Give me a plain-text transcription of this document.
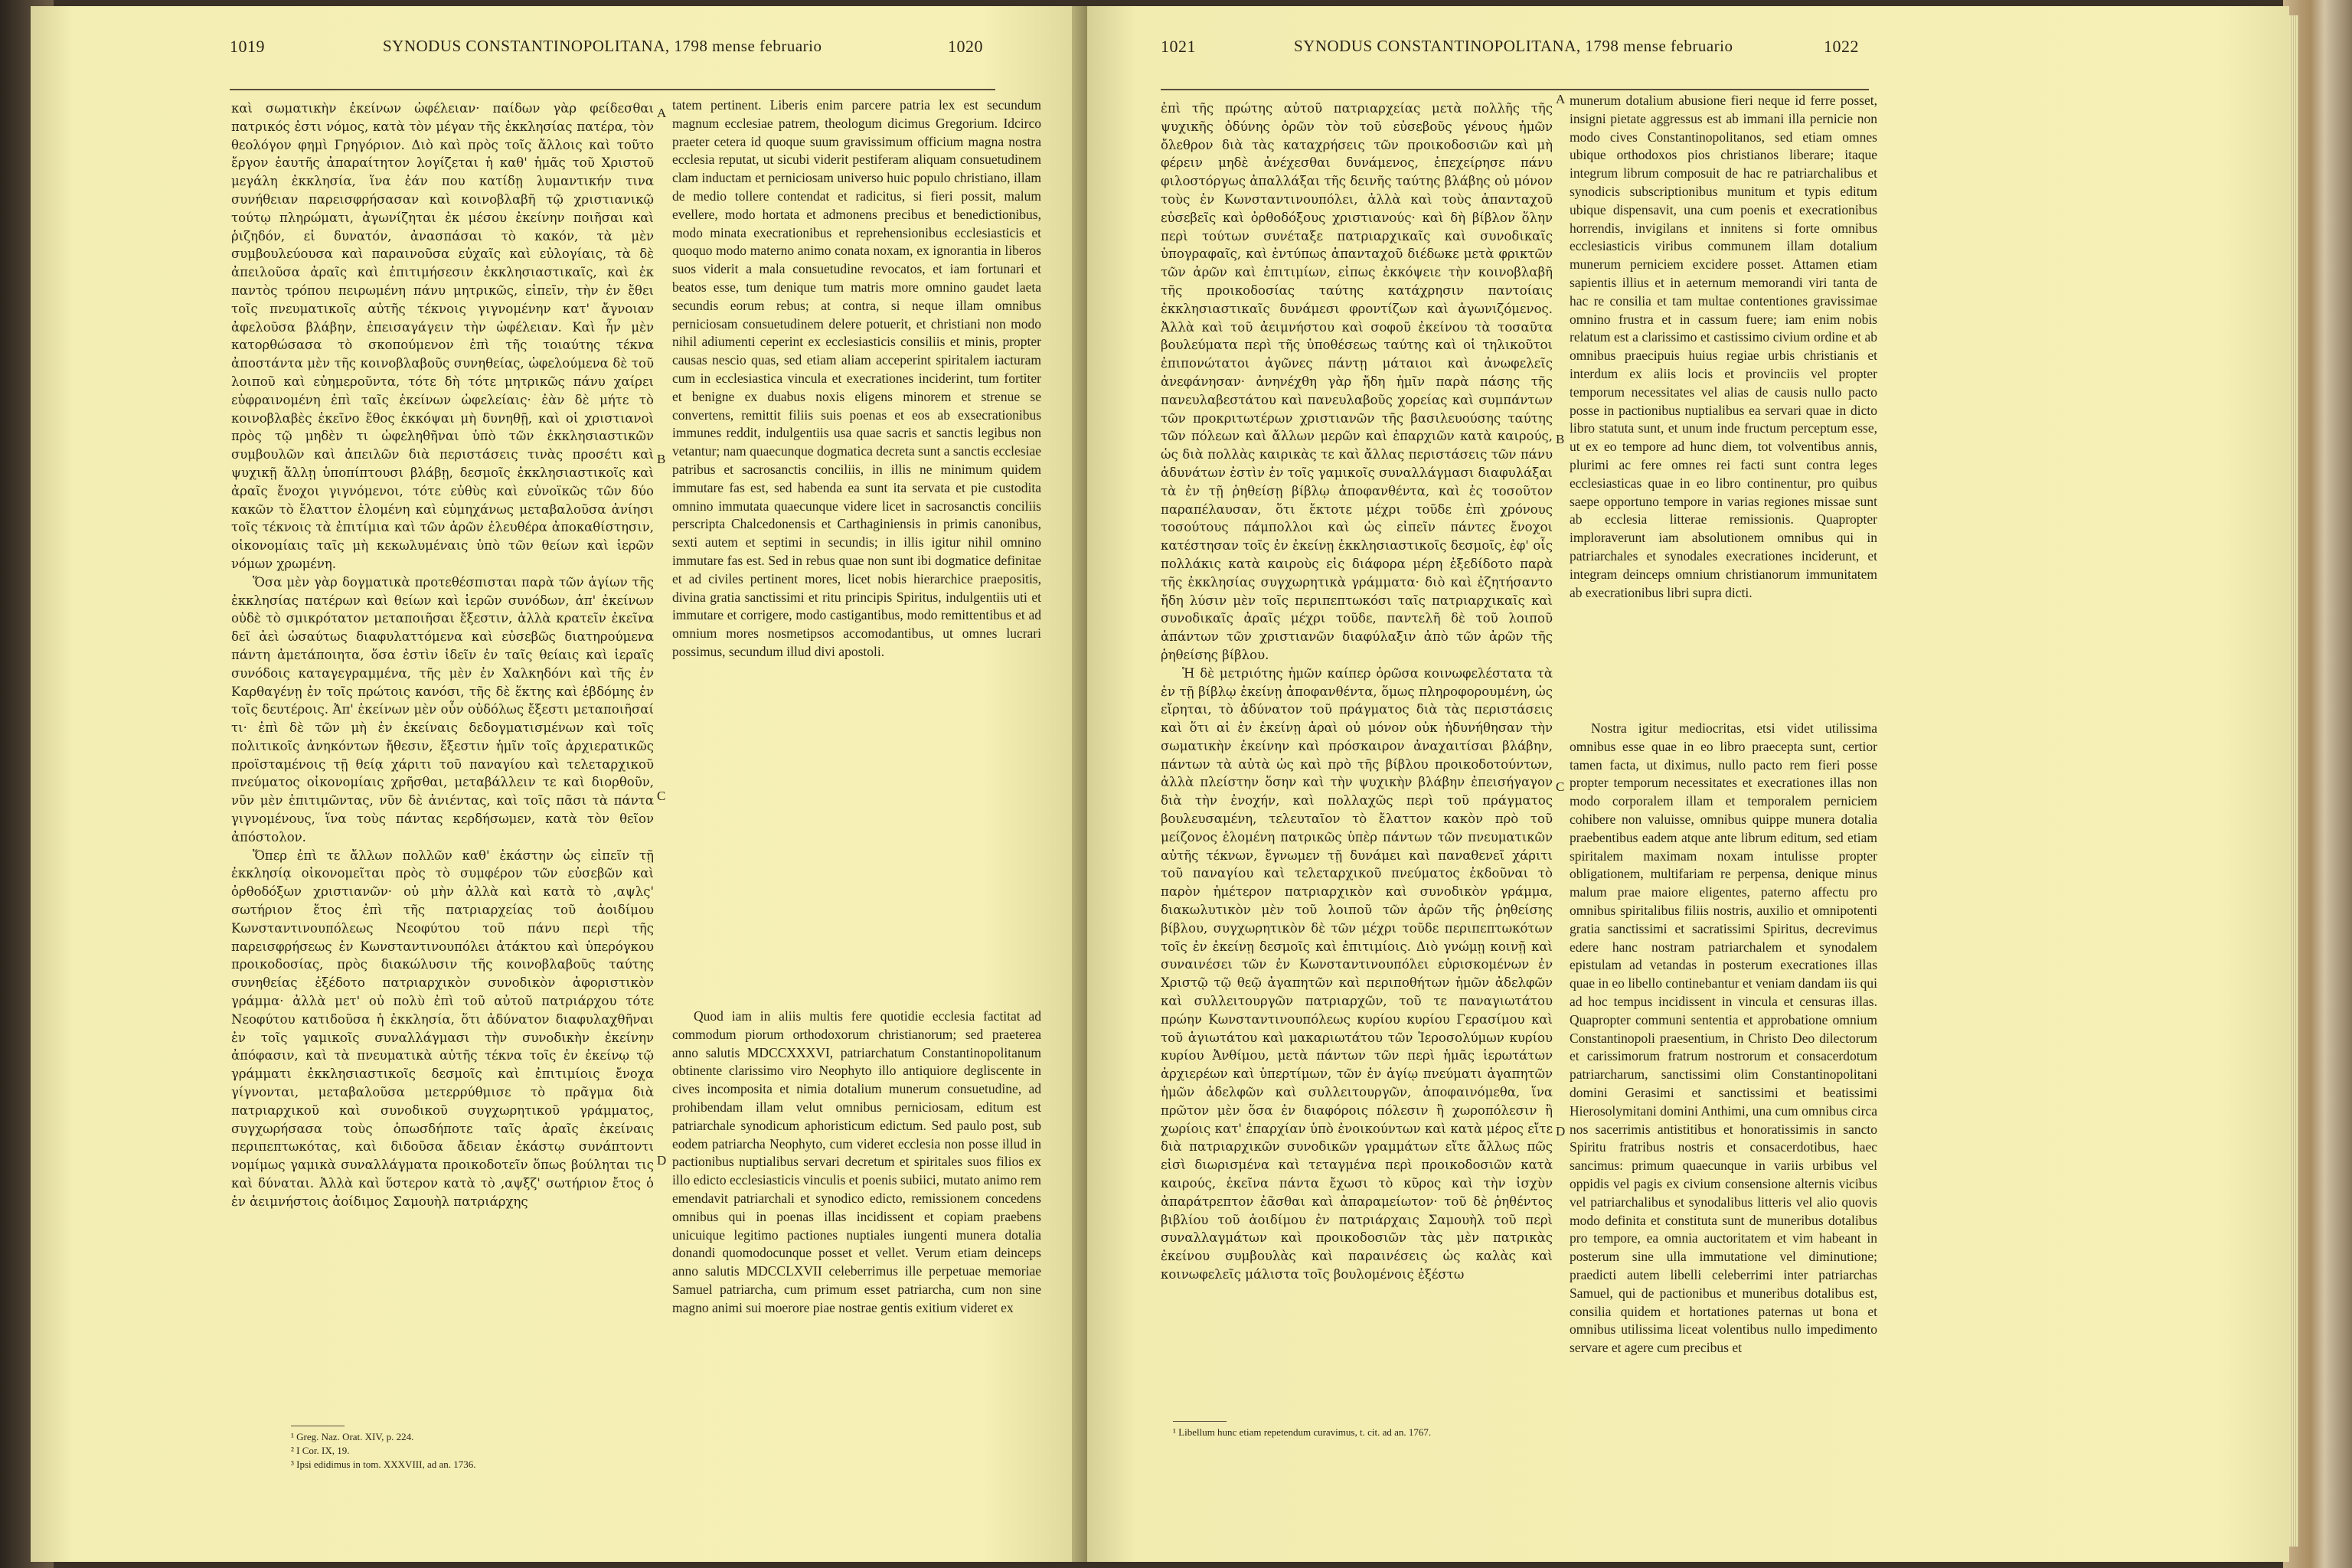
1019	SYNODUS CONSTANTINOPOLITANA, 1798 mense februario	1020

καὶ σωματικὴν ἐκείνων ὠφέλειαν· παίδων γὰρ φείδεσθαι πατρικός ἐστι νόμος, κατὰ τὸν μέγαν τῆς ἐκκλησίας πατέρα, τὸν θεολόγον φημὶ Γρηγόριον. Διὸ καὶ πρὸς τοῖς ἄλλοις καὶ τοῦτο ἔργον ἑαυτῆς ἀπαραίτητον λογίζεται ἡ καθ' ἡμᾶς τοῦ Χριστοῦ μεγάλη ἐκκλησία, ἵνα ἐάν που κατίδῃ λυμαντικήν τινα συνήθειαν παρεισφρήσασαν καὶ κοινοβλαβῆ τῷ χριστιανικῷ τούτῳ πληρώματι, ἀγωνίζηται ἐκ μέσου ἐκείνην ποιῆσαι καὶ ῥιζηδόν, εἰ δυνατόν, ἀνασπάσαι τὸ κακόν, τὰ μὲν συμβουλεύουσα καὶ παραινοῦσα εὐχαῖς καὶ εὐλογίαις, τὰ δὲ ἀπειλοῦσα ἀραῖς καὶ ἐπιτιμήσεσιν ἐκκλησιαστικαῖς, καὶ ἐκ παντὸς τρόπου πειρωμένη πάνυ μητρικῶς, εἰπεῖν, τὴν ἐν ἔθει τοῖς πνευματικοῖς αὐτῆς τέκνοις γιγνομένην κατ' ἄγνοιαν ἀφελοῦσα βλάβην, ἐπεισαγάγειν τὴν ὠφέλειαν. Καὶ ἦν μὲν κατορθώσασα τὸ σκοπούμενον ἐπὶ τῆς τοιαύτης τέκνα ἀποστάντα μὲν τῆς κοινοβλαβοῦς συνηθείας, ὠφελούμενα δὲ τοῦ λοιποῦ καὶ εὐημεροῦντα, τότε δὴ τότε μητρικῶς πάνυ χαίρει εὐφραινομένη ἐπὶ ταῖς ἐκείνων ὠφελείαις· ἐὰν δὲ μήτε τὸ κοινοβλαβὲς ἐκεῖνο ἔθος ἐκκόψαι μὴ δυνηθῇ, καὶ οἱ χριστιανοὶ πρὸς τῷ μηδὲν τι ὠφεληθῆναι ὑπὸ τῶν ἐκκλησιαστικῶν συμβουλῶν καὶ ἀπειλῶν διὰ περιστάσεις τινὰς προσέτι καὶ ψυχικῇ ἄλλῃ ὑποπίπτουσι βλάβῃ, δεσμοῖς ἐκκλησιαστικοῖς καὶ ἀραῖς ἔνοχοι γιγνόμενοι, τότε εὐθὺς καὶ εὐνοϊκῶς τῶν δύο κακῶν τὸ ἔλαττον ἑλομένη καὶ εὐμηχάνως μεταβαλοῦσα ἀνίησι τοῖς τέκνοις τὰ ἐπιτίμια καὶ τῶν ἀρῶν ἐλευθέρα ἀποκαθίστησιν, οἰκονομίαις ταῖς μὴ κεκωλυμέναις ὑπὸ τῶν θείων καὶ ἱερῶν νόμων χρωμένη.

Ὅσα μὲν γὰρ δογματικὰ προτεθέσπισται παρὰ τῶν ἁγίων τῆς ἐκκλησίας πατέρων καὶ θείων καὶ ἱερῶν συνόδων, ἀπ' ἐκείνων οὐδὲ τὸ σμικρότατον μεταποιῆσαι ἔξεστιν, ἀλλὰ κρατεῖν ἐκεῖνα δεῖ ἀεὶ ὡσαύτως διαφυλαττόμενα καὶ εὐσεβῶς διατηρούμενα πάντη ἀμετάποιητα, ὅσα ἐστὶν ἰδεῖν ἐν ταῖς θείαις καὶ ἱεραῖς συνόδοις καταγεγραμμένα, τῆς μὲν ἐν Χαλκηδόνι καὶ τῆς ἐν Καρθαγένῃ ἐν τοῖς πρώτοις κανόσι, τῆς δὲ ἕκτης καὶ ἑβδόμης ἐν τοῖς δευτέροις. Ἀπ' ἐκείνων μὲν οὖν οὐδόλως ἔξεστι μεταποιῆσαί τι· ἐπὶ δὲ τῶν μὴ ἐν ἐκείναις δεδογματισμένων καὶ τοῖς πολιτικοῖς ἀνηκόντων ἤθεσιν, ἔξεστιν ἡμῖν τοῖς ἀρχιερατικῶς προϊσταμένοις τῇ θείᾳ χάριτι τοῦ παναγίου καὶ τελεταρχικοῦ πνεύματος οἰκονομίαις χρῆσθαι, μεταβάλλειν τε καὶ διορθοῦν, νῦν μὲν ἐπιτιμῶντας, νῦν δὲ ἀνιέντας, καὶ τοῖς πᾶσι τὰ πάντα γιγνομένους, ἵνα τοὺς πάντας κερδήσωμεν, κατὰ τὸν θεῖον ἀπόστολον.

Ὅπερ ἐπὶ τε ἄλλων πολλῶν καθ' ἑκάστην ὡς εἰπεῖν τῇ ἐκκλησίᾳ οἰκονομεῖται πρὸς τὸ συμφέρον τῶν εὐσεβῶν καὶ ὀρθοδόξων χριστιανῶν· οὐ μὴν ἀλλὰ καὶ κατὰ τὸ ‚αψλς' σωτήριον ἔτος ἐπὶ τῆς πατριαρχείας τοῦ ἀοιδίμου Κωνσταντινουπόλεως Νεοφύτου τοῦ πάνυ περὶ τῆς παρεισφρήσεως ἐν Κωνσταντινουπόλει ἀτάκτου καὶ ὑπερόγκου προικοδοσίας, πρὸς διακώλυσιν τῆς κοινοβλαβοῦς ταύτης συνηθείας ἐξέδοτο πατριαρχικὸν συνοδικὸν ἀφοριστικὸν γράμμα· ἀλλὰ μετ' οὐ πολὺ ἐπὶ τοῦ αὐτοῦ πατριάρχου τότε Νεοφύτου κατιδοῦσα ἡ ἐκκλησία, ὅτι ἀδύνατον διαφυλαχθῆναι ἐν τοῖς γαμικοῖς συναλλάγμασι τὴν συνοδικὴν ἐκείνην ἀπόφασιν, καὶ τὰ πνευματικὰ αὐτῆς τέκνα τοῖς ἐν ἐκείνῳ τῷ γράμματι ἐκκλησιαστικοῖς δεσμοῖς καὶ ἐπιτιμίοις ἔνοχα γίγνονται, μεταβαλοῦσα μετερρύθμισε τὸ πρᾶγμα διὰ πατριαρχικοῦ καὶ συνοδικοῦ συγχωρητικοῦ γράμματος, συγχωρήσασα τοὺς ὁπωσδήποτε ταῖς ἀραῖς ἐκείναις περιπεπτωκότας, καὶ διδοῦσα ἄδειαν ἑκάστῳ συνάπτοντι νομίμως γαμικὰ συναλλάγματα προικοδοτεῖν ὅπως βούληται τις καὶ δύναται. Ἀλλὰ καὶ ὕστερον κατὰ τὸ ‚αψξζ' σωτήριον ἔτος ὁ ἐν ἀειμνήστοις ἀοίδιμος Σαμουὴλ πατριάρχης

A
B
C
D

tatem pertinent. Liberis enim parcere patria lex est secundum magnum ecclesiae patrem, theologum dicimus Gregorium. Idcirco praeter cetera id quoque suum gravissimum officium magna nostra ecclesia reputat, ut sicubi viderit pestiferam aliquam consuetudinem clam inductam et perniciosam universo huic populo christiano, illam de medio tollere contendat et radicitus, si fieri possit, malum evellere, modo hortata et admonens precibus et benedictionibus, modo minata execrationibus et reprehensionibus ecclesiasticis et quoquo modo materno animo conata noxam, ex ignorantia in liberos suos viderit a mala consuetudine revocatos, et iam fortunari et beatos esse, tum denique tum matris more omnino gaudet laeta secundis eorum rebus; at contra, si neque illam omnibus perniciosam consuetudinem delere potuerit, et christiani non modo nihil adiumenti ceperint ex ecclesiasticis consiliis et minis, propter causas nescio quas, sed etiam aliam acceperint spiritalem iacturam cum in ecclesiastica vincula et execrationes inciderint, tum fortiter et benigne ex duabus noxis eligens minorem et strenue se convertens, remittit filiis suis poenas et eos ab exsecrationibus immunes reddit, indulgentiis usa quae sacris et sanctis legibus non vetantur; nam quaecunque dogmatica decreta sunt a sanctis ecclesiae patribus et sacrosanctis conciliis, in illis ne minimum quidem immutare fas est, sed habenda ea sunt ita servata et pie custodita omnino immutata quaecunque videre licet in sacrosanctis conciliis perscripta Chalcedonensis et Carthaginiensis in primis canonibus, sexti autem et septimi in secundis; in illis igitur nihil omnino immutare fas est. Sed in rebus quae non sunt ibi dogmatice definitae et ad civiles pertinent mores, licet nobis hierarchice praepositis, divina gratia sanctissimi et ritu principis Spiritus, indulgentiis uti et immutare et corrigere, modo castigantibus, modo remittentibus et ad omnium mores nosmetipsos accomodantibus, ut omnes lucrari possimus, secundum illud divi apostoli.

Quod iam in aliis multis fere quotidie ecclesia factitat ad commodum piorum orthodoxorum christianorum; sed praeterea anno salutis MDCCXXXVI, patriarchatum Constantinopolitanum obtinente clarissimo viro Neophyto illo antiquiore degliscente in cives incomposita et nimia dotalium munerum consuetudine, ad prohibendam illam velut omnibus perniciosam, editum est patriarchale synodicum aphoristicum edictum. Sed paulo post, sub eodem patriarcha Neophyto, cum videret ecclesia non posse illud in pactionibus nuptialibus servari decretum et spiritales suos filios ex illo edicto ecclesiasticis vinculis et poenis subiici, mutato animo rem emendavit patriarchali et synodico edicto, remissionem concedens omnibus qui in poenas illas incidissent et copiam praebens unicuique legitimo pactiones nuptiales iungenti munera dotalia donandi quomodocunque posset et vellet. Verum etiam deinceps anno salutis MDCCLXVII celeberrimus ille perpetuae memoriae Samuel patriarcha, cum primum esset patriarcha, cum non sine magno animi sui moerore piae nostrae gentis exitium videret ex

¹ Greg. Naz. Orat. XIV, p. 224.
² I Cor. IX, 19.
³ Ipsi edidimus in tom. XXXVIII, ad an. 1736.
1021	SYNODUS CONSTANTINOPOLITANA, 1798 mense februario	1022

ἐπὶ τῆς πρώτης αὐτοῦ πατριαρχείας μετὰ πολλῆς τῆς ψυχικῆς ὀδύνης ὁρῶν τὸν τοῦ εὐσεβοῦς γένους ἡμῶν ὄλεθρον διὰ τὰς καταχρήσεις τῶν προικοδοσιῶν καὶ μὴ φέρειν μηδὲ ἀνέχεσθαι δυνάμενος, ἐπεχείρησε πάνυ φιλοστόργως ἀπαλλάξαι τῆς δεινῆς ταύτης βλάβης οὐ μόνον τοὺς ἐν Κωνσταντινουπόλει, ἀλλὰ καὶ τοὺς ἁπανταχοῦ εὐσεβεῖς καὶ ὀρθοδόξους χριστιανούς· καὶ δὴ βίβλον ὅλην περὶ τούτων συνέταξε πατριαρχικαῖς καὶ συνοδικαῖς ὑπογραφαῖς, καὶ ἐντύπως ἁπανταχοῦ διέδωκε μετὰ φρικτῶν τῶν ἀρῶν καὶ ἐπιτιμίων, εἰπως ἐκκόψειε τὴν κοινοβλαβῆ τῆς προικοδοσίας ταύτης κατάχρησιν παντοίαις ἐκκλησιαστικαῖς δυνάμεσι φροντίζων καὶ ἀγωνιζόμενος. Ἀλλὰ καὶ τοῦ ἀειμνήστου καὶ σοφοῦ ἐκείνου τὰ τοσαῦτα βουλεύματα περὶ τῆς ὑποθέσεως ταύτης καὶ οἱ τηλικοῦτοι ἐπιπονώτατοι ἀγῶνες πάντῃ μάταιοι καὶ ἀνωφελεῖς ἀνεφάνησαν· ἀνηνέχθη γὰρ ἤδη ἡμῖν παρὰ πάσης τῆς πανευλαβεστάτου καὶ πανευλαβοῦς χορείας καὶ συμπάντων τῶν προκριτωτέρων χριστιανῶν τῆς βασιλευούσης ταύτης τῶν πόλεων καὶ ἄλλων μερῶν καὶ ἐπαρχιῶν κατὰ καιρούς, ὡς διὰ πολλὰς καιρικὰς τε καὶ ἄλλας περιστάσεις τῶν πάνυ ἀδυνάτων ἐστὶν ἐν τοῖς γαμικοῖς συναλλάγμασι διαφυλάξαι τὰ ἐν τῇ ῥηθείσῃ βίβλῳ ἀποφανθέντα, καὶ ἐς τοσοῦτον παραπέλαυσαν, ὅτι ἔκτοτε μέχρι τοῦδε ἐπὶ χρόνους τοσούτους πάμπολλοι καὶ ὡς εἰπεῖν πάντες ἔνοχοι κατέστησαν τοῖς ἐν ἐκείνῃ ἐκκλησιαστικοῖς δεσμοῖς, ἐφ' οἷς πολλάκις κατὰ καιροὺς εἰς διάφορα μέρη ἐξεδίδοτο παρὰ τῆς ἐκκλησίας συγχωρητικὰ γράμματα· διὸ καὶ ἐζητήσαντο ἤδη λύσιν μὲν τοῖς περιπεπτωκόσι ταῖς πατριαρχικαῖς καὶ συνοδικαῖς ἀραῖς μέχρι τοῦδε, παντελῆ δὲ τοῦ λοιποῦ ἁπάντων τῶν χριστιανῶν διαφύλαξιν ἀπὸ τῶν ἀρῶν τῆς ῥηθείσης βίβλου.

Ἡ δὲ μετριότης ἡμῶν καίπερ ὁρῶσα κοινωφελέστατα τὰ ἐν τῇ βίβλῳ ἐκείνῃ ἀποφανθέντα, ὅμως πληροφορουμένη, ὡς εἴρηται, τὸ ἀδύνατον τοῦ πράγματος διὰ τὰς περιστάσεις καὶ ὅτι αἱ ἐν ἐκείνῃ ἀραὶ οὐ μόνον οὐκ ἠδυνήθησαν τὴν σωματικὴν ἐκείνην καὶ πρόσκαιρον ἀναχαιτίσαι βλάβην, πάντων τὰ αὐτὰ ὡς καὶ πρὸ τῆς βίβλου προικοδοτούντων, ἀλλὰ πλείστην ὅσην καὶ τὴν ψυχικὴν βλάβην ἐπεισήγαγον διὰ τὴν ἐνοχήν, καὶ πολλαχῶς περὶ τοῦ πράγματος βουλευσαμένη, τελευταῖον τὸ ἔλαττον κακὸν πρὸ τοῦ μείζονος ἑλομένη πατρικῶς ὑπὲρ πάντων τῶν πνευματικῶν αὐτῆς τέκνων, ἔγνωμεν τῇ δυνάμει καὶ παναθενεῖ χάριτι τοῦ παναγίου καὶ τελεταρχικοῦ πνεύματος ἐκδοῦναι τὸ παρὸν ἡμέτερον πατριαρχικὸν καὶ συνοδικὸν γράμμα, διακωλυτικὸν μὲν τοῦ λοιποῦ τῶν ἀρῶν τῆς ῥηθείσης βίβλου, συγχωρητικὸν δὲ τῶν μέχρι τοῦδε περιπεπτωκότων τοῖς ἐν ἐκείνῃ δεσμοῖς καὶ ἐπιτιμίοις. Διὸ γνώμῃ κοινῇ καὶ συναινέσει τῶν ἐν Κωνσταντινουπόλει εὑρισκομένων ἐν Χριστῷ τῷ θεῷ ἀγαπητῶν καὶ περιποθήτων ἡμῶν ἀδελφῶν καὶ συλλειτουργῶν πατριαρχῶν, τοῦ τε παναγιωτάτου πρώην Κωνσταντινουπόλεως κυρίου κυρίου Γερασίμου καὶ τοῦ ἁγιωτάτου καὶ μακαριωτάτου τῶν Ἱεροσολύμων κυρίου κυρίου Ἀνθίμου, μετὰ πάντων τῶν περὶ ἡμᾶς ἱερωτάτων ἀρχιερέων καὶ ὑπερτίμων, τῶν ἐν ἁγίῳ πνεύματι ἀγαπητῶν ἡμῶν ἀδελφῶν καὶ συλλειτουργῶν, ἀποφαινόμεθα, ἵνα πρῶτον μὲν ὅσα ἐν διαφόροις πόλεσιν ἢ χωροπόλεσιν ἢ χωρίοις κατ' ἐπαρχίαν ὑπὸ ἐνοικούντων καὶ κατὰ μέρος εἴτε διὰ πατριαρχικῶν συνοδικῶν γραμμάτων εἴτε ἄλλως πῶς εἰσὶ διωρισμένα καὶ τεταγμένα περὶ προικοδοσιῶν κατὰ καιρούς, ἐκεῖνα πάντα ἔχωσι τὸ κῦρος καὶ τὴν ἰσχὺν ἀπαράτρεπτον ἐᾶσθαι καὶ ἀπαραμείωτον· τοῦ δὲ ῥηθέντος βιβλίου τοῦ ἀοιδίμου ἐν πατριάρχαις Σαμουὴλ τοῦ περὶ συναλλαγμάτων καὶ προικοδοσιῶν τὰς μὲν πατρικὰς ἐκείνου συμβουλὰς καὶ παραινέσεις ὡς καλὰς καὶ κοινωφελεῖς μάλιστα τοῖς βουλομένοις ἐξέστω

A
B
C
D

munerum dotalium abusione fieri neque id ferre posset, insigni pietate aggressus est ab immani illa pernicie non modo cives Constantinopolitanos, sed etiam omnes ubique orthodoxos pios christianos liberare; itaque integrum librum composuit de hac re patriarchalibus et synodicis subscriptionibus munitum et typis editum ubique dispensavit, una cum poenis et execrationibus horrendis, invigilans et innitens si forte omnibus ecclesiasticis viribus communem illam dotalium munerum perniciem excidere posset. Attamen etiam sapientis illius et in aeternum memorandi viri tanta de hac re consilia et tam multae contentiones gravissimae omnino frustra et in cassum fuere; iam enim nobis relatum est a clarissimo et castissimo civium ordine et ab omnibus praecipuis huius regiae urbis christianis et interdum ex aliis locis et provinciis vel propter temporum necessitates vel alias de causis nullo pacto posse in pactionibus nuptialibus ea servari quae in dicto libro statuta sunt, et unum inde fructum perceptum esse, ut ex eo tempore ad hunc diem, tot volventibus annis, plurimi ac fere omnes rei facti sunt contra leges ecclesiasticas quae in eo libro continentur, pro quibus saepe opportuno tempore in varias regiones missae sunt ab ecclesia litterae remissionis. Quapropter imploraverunt iam absolutionem omnibus qui in patriarchales et synodales execrationes inciderunt, et integram deinceps omnium christianorum immunitatem ab execrationibus libri supra dicti.

Nostra igitur mediocritas, etsi videt utilissima omnibus esse quae in eo libro praecepta sunt, certior tamen facta, ut diximus, nullo pacto rem fieri posse propter temporum necessitates et execrationes illas non modo corporalem illam et temporalem perniciem cohibere non valuisse, omnibus quippe munera dotalia praebentibus eadem atque ante librum editum, sed etiam spiritalem maximam noxam intulisse propter obligationem, multifariam re perpensa, denique minus malum prae maiore eligentes, paterno affectu pro omnibus spiritalibus filiis nostris, auxilio et omnipotenti gratia sanctissimi et sacratissimi Spiritus, decrevimus edere hanc nostram patriarchalem et synodalem epistulam ad vetandas in posterum execrationes illas quae in eo libello continebantur et veniam dandam iis qui ad hoc tempus incidissent in vincula et censuras illas. Quapropter communi sententia et approbatione omnium Constantinopoli praesentium, in Christo Deo dilectorum et carissimorum fratrum nostrorum et consacerdotum patriarcharum, sanctissimi olim Constantinopolitani domini Gerasimi et sanctissimi et beatissimi Hierosolymitani domini Anthimi, una cum omnibus circa nos sacerrimis antistitibus et honoratissimis in sancto Spiritu fratribus nostris et consacerdotibus, haec sancimus: primum quaecunque in variis urbibus vel oppidis vel pagis ex civium consensione alternis vicibus vel patriarchalibus et synodalibus litteris vel alio quovis modo definita et constituta sunt de muneribus dotalibus pro tempore, ea omnia auctoritatem et vim habeant in posterum sine ulla immutatione vel diminutione; praedicti autem libelli celeberrimi inter patriarchas Samuel, qui de pactionibus et muneribus dotalibus est, consilia quidem et hortationes paternas ut bona et omnibus utilissima liceat volentibus nullo impedimento servare et agere cum precibus et

¹ Libellum hunc etiam repetendum curavimus, t. cit. ad an. 1767.
